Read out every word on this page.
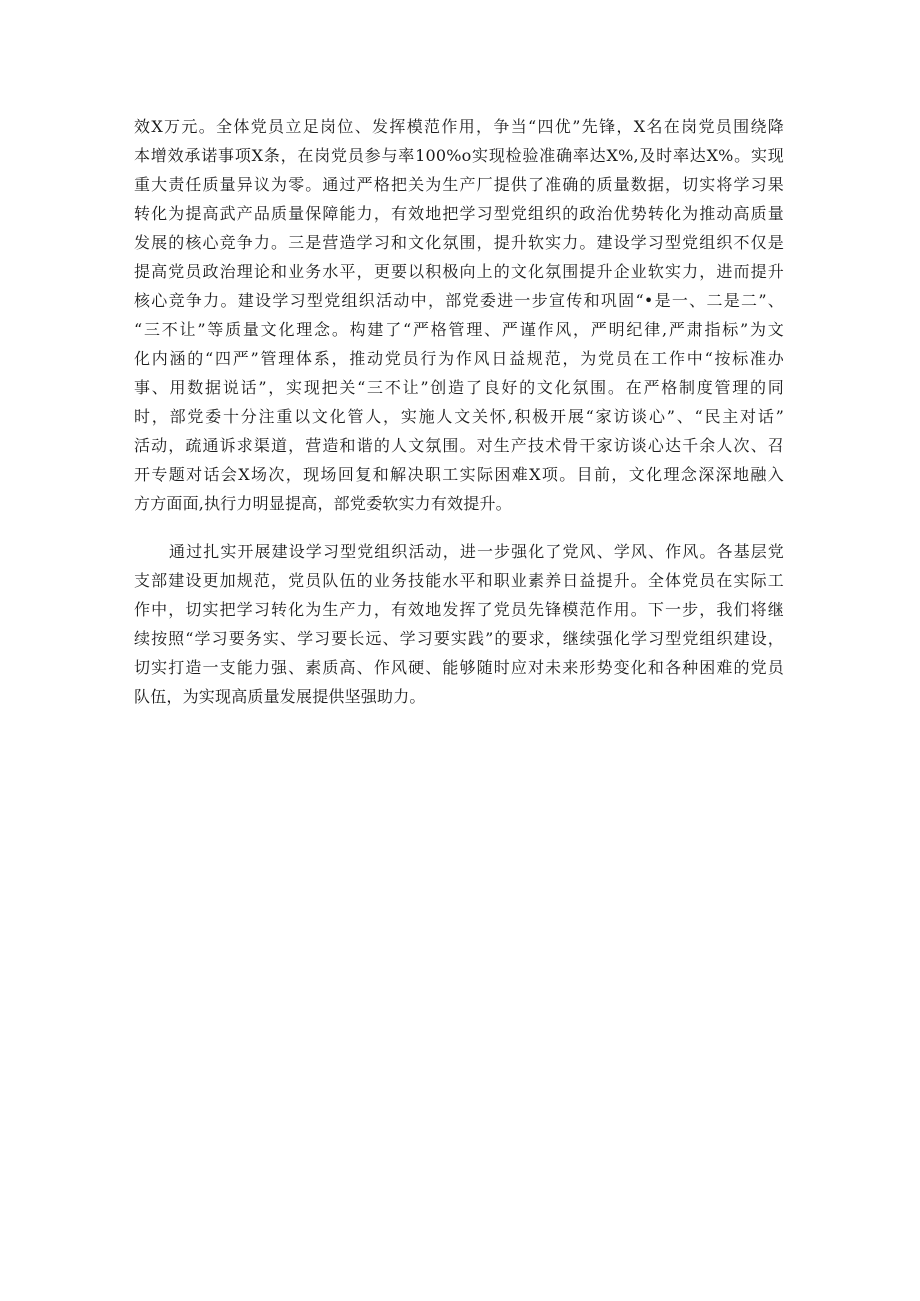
效X万元。全体党员立足岗位、发挥模范作用，争当“四优”先锋，X名在岗党员围绕降
本增效承诺事项X条，在岗党员参与率100%o实现检验准确率达X%,及时率达X%。实现
重大责任质量异议为零。通过严格把关为生产厂提供了准确的质量数据，切实将学习果
转化为提高武产品质量保障能力，有效地把学习型党组织的政治优势转化为推动高质量
发展的核心竞争力。三是营造学习和文化氛围，提升软实力。建设学习型党组织不仅是
提高党员政治理论和业务水平，更要以积极向上的文化氛围提升企业软实力，进而提升
核心竞争力。建设学习型党组织活动中，部党委进一步宣传和巩固“•是一、二是二”、
“三不让”等质量文化理念。构建了“严格管理、严谨作风，严明纪律,严肃指标”为文
化内涵的“四严”管理体系，推动党员行为作风日益规范，为党员在工作中“按标准办
事、用数据说话”，实现把关“三不让”创造了良好的文化氛围。在严格制度管理的同
时，部党委十分注重以文化管人，实施人文关怀,积极开展“家访谈心”、“民主对话”
活动，疏通诉求渠道，营造和谐的人文氛围。对生产技术骨干家访谈心达千余人次、召
开专题对话会X场次，现场回复和解决职工实际困难X项。目前，文化理念深深地融入
方方面面,执行力明显提高，部党委软实力有效提升。
通过扎实开展建设学习型党组织活动，进一步强化了党风、学风、作风。各基层党
支部建设更加规范，党员队伍的业务技能水平和职业素养日益提升。全体党员在实际工
作中，切实把学习转化为生产力，有效地发挥了党员先锋模范作用。下一步，我们将继
续按照“学习要务实、学习要长远、学习要实践”的要求，继续强化学习型党组织建设，
切实打造一支能力强、素质高、作风硬、能够随时应对未来形势变化和各种困难的党员
队伍，为实现高质量发展提供坚强助力。
